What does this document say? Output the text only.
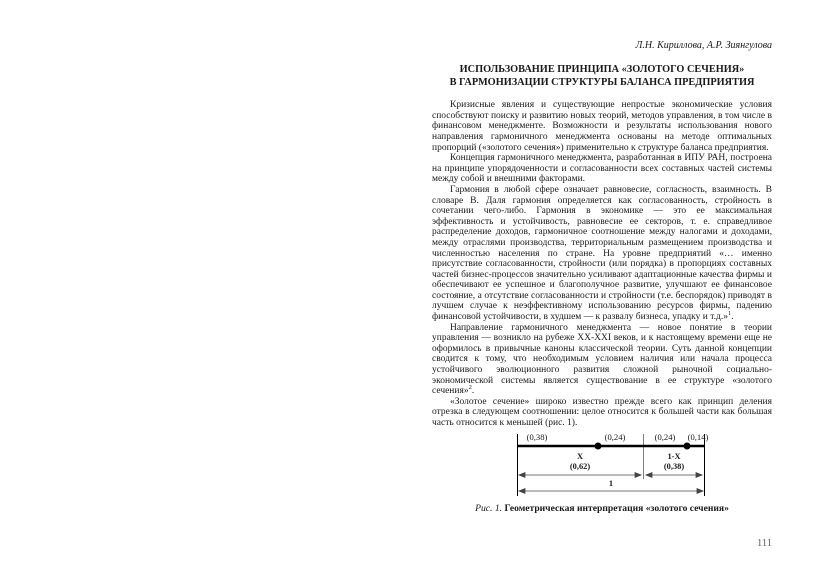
Л.Н. Кириллова, А.Р. Зиянгулова
ИСПОЛЬЗОВАНИЕ ПРИНЦИПА «ЗОЛОТОГО СЕЧЕНИЯ»
В ГАРМОНИЗАЦИИ СТРУКТУРЫ БАЛАНСА ПРЕДПРИЯТИЯ

Кризисные явления и существующие непростые экономические условия способствуют поиску и развитию новых теорий, методов управления, в том числе в финансовом менеджменте. Возможности и результаты использования нового направления гармоничного менеджмента основаны на методе оптимальных пропорций («золотого сечения») применительно к структуре баланса предприятия.

Концепция гармоничного менеджмента, разработанная в ИПУ РАН, построена на принципе упорядоченности и согласованности всех составных частей системы между собой и внешними факторами.

Гармония в любой сфере означает равновесие, согласность, взаимность. В словаре В. Даля гармония определяется как согласованность, стройность в сочетании чего-либо. Гармония в экономике — это ее максимальная эффективность и устойчивость, равновесие ее секторов, т. е. справедливое распределение доходов, гармоничное соотношение между налогами и доходами, между отраслями производства, территориальным размещением производства и численностью населения по стране. На уровне предприятий «… именно присутствие согласованности, стройности (или порядка) в пропорциях составных частей бизнес-процессов значительно усиливают адаптационные качества фирмы и обеспечивают ее успешное и благополучное развитие, улучшают ее финансовое состояние, а отсутствие согласованности и стройности (т.е. беспорядок) приводят в лучшем случае к неэффективному использованию ресурсов фирмы, падению финансовой устойчивости, в худшем — к развалу бизнеса, упадку и т.д.»$^1$.

Направление гармоничного менеджмента — новое понятие в теории управления — возникло на рубеже XX-XXI веков, и к настоящему времени еще не оформилось в привычные каноны классической теории. Суть данной концепции сводится к тому, что необходимым условием наличия или начала процесса устойчивого эволюционного развития сложной рыночной социально-экономической системы является существование в ее структуре «золотого сечения»$^2$.

«Золотое сечение» широко известно прежде всего как принцип деления отрезка в следующем соотношении: целое относится к большей части как большая часть относится к меньшей (рис. 1).

(0,38)	(0,24)	(0,24) (0,14)
X
(0,62)
1-X
(0,38)
1
Рис. 1. Геометрическая интерпретация «золотого сечения»
111
